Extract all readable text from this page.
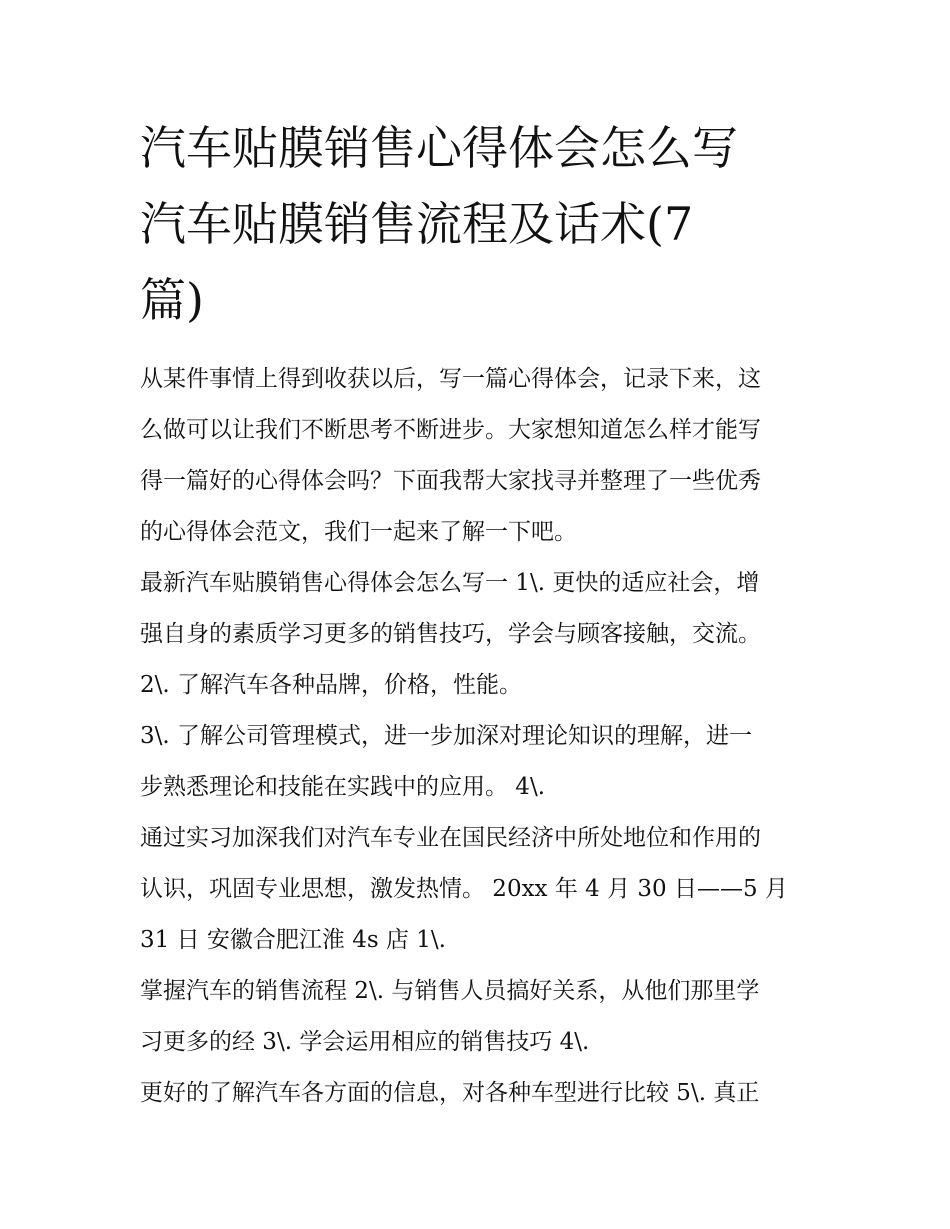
汽车贴膜销售心得体会怎么写
汽车贴膜销售流程及话术(7
篇)
从某件事情上得到收获以后，写一篇心得体会，记录下来，这
么做可以让我们不断思考不断进步。大家想知道怎么样才能写
得一篇好的心得体会吗？下面我帮大家找寻并整理了一些优秀
的心得体会范文，我们一起来了解一下吧。
最新汽车贴膜销售心得体会怎么写一 1\. 更快的适应社会，增
强自身的素质学习更多的销售技巧，学会与顾客接触，交流。
2\. 了解汽车各种品牌，价格，性能。
3\. 了解公司管理模式，进一步加深对理论知识的理解，进一
步熟悉理论和技能在实践中的应用。 4\.
通过实习加深我们对汽车专业在国民经济中所处地位和作用的
认识，巩固专业思想，激发热情。 20xx 年 4 月 30 日——5 月
31 日 安徽合肥江淮 4s 店 1\.
掌握汽车的销售流程 2\. 与销售人员搞好关系，从他们那里学
习更多的经 3\. 学会运用相应的销售技巧 4\.
更好的了解汽车各方面的信息，对各种车型进行比较 5\. 真正
